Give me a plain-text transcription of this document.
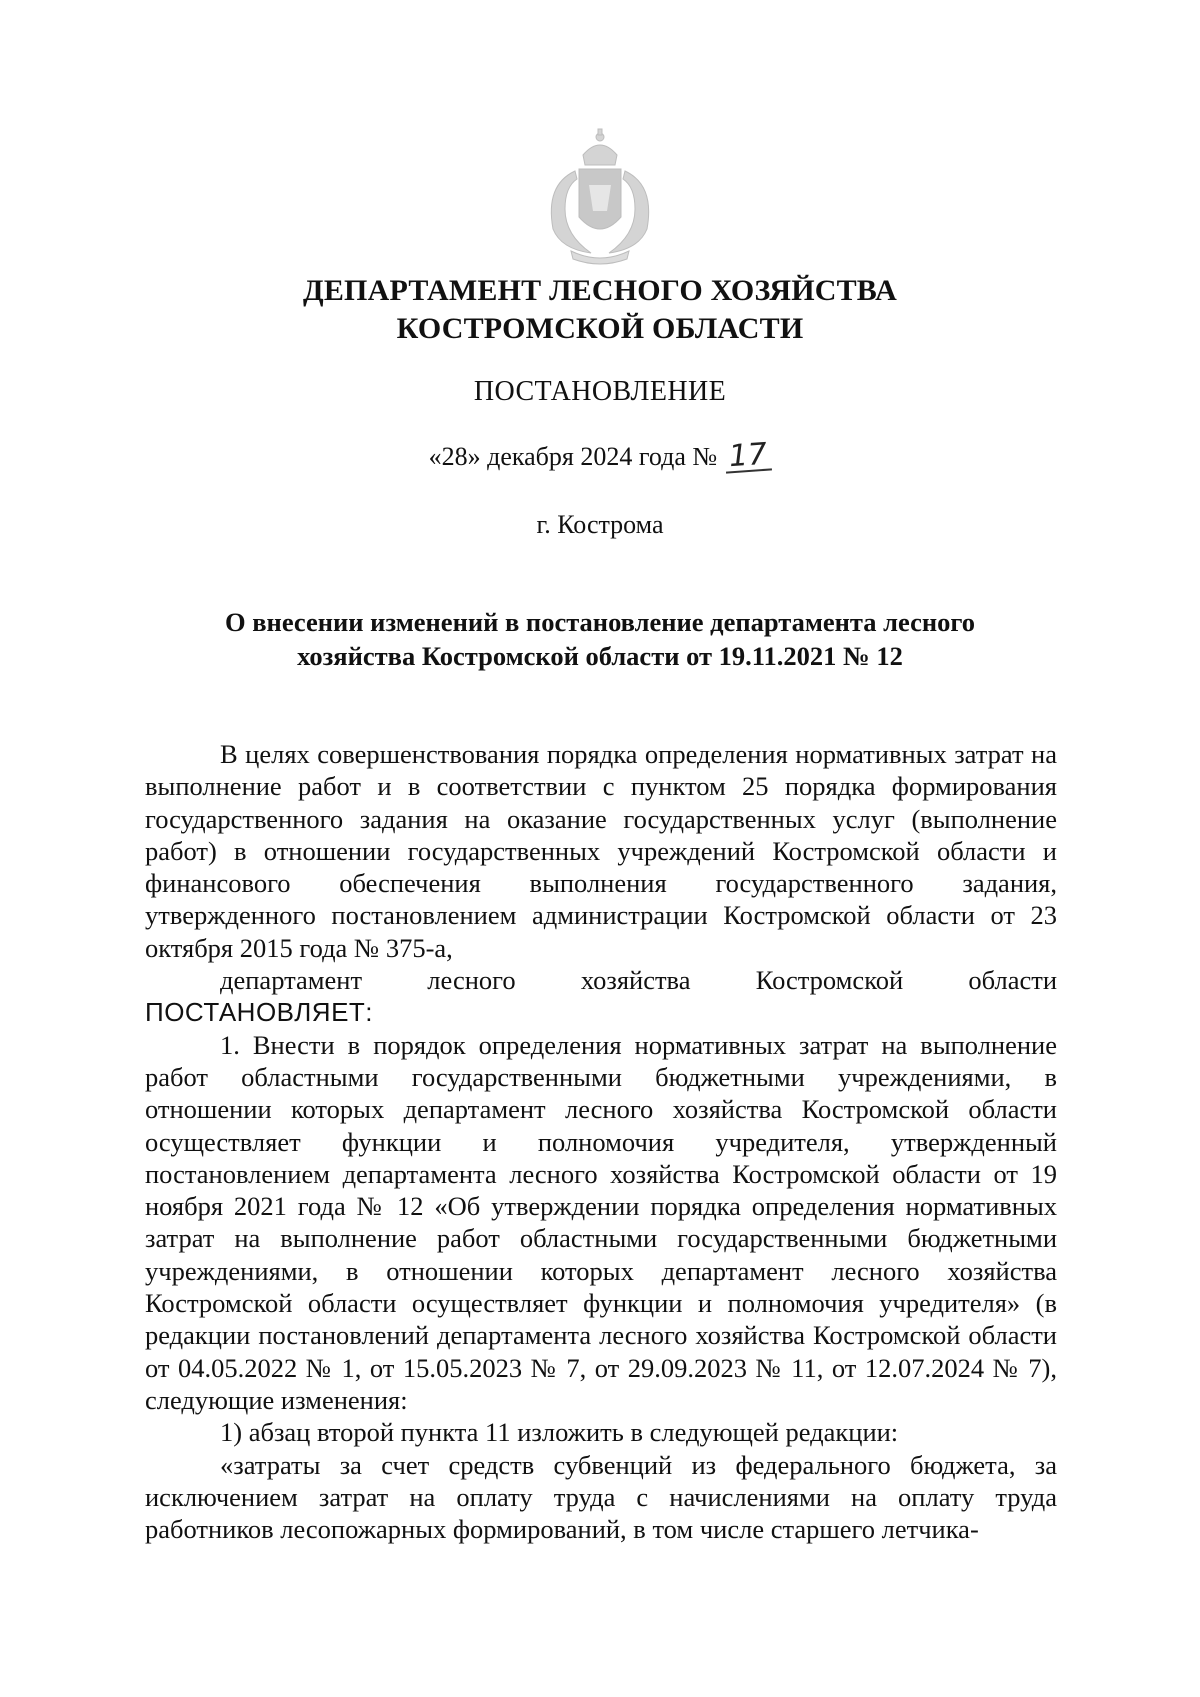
ДЕПАРТАМЕНТ ЛЕСНОГО ХОЗЯЙСТВА
КОСТРОМСКОЙ ОБЛАСТИ
ПОСТАНОВЛЕНИЕ
«28» декабря 2024 года № 17
г. Кострома
О внесении изменений в постановление департамента лесного
хозяйства Костромской области от 19.11.2021 № 12

В целях совершенствования порядка определения нормативных затрат на выполнение работ и в соответствии с пунктом 25 порядка формирования государственного задания на оказание государственных услуг (выполнение работ) в отношении государственных учреждений Костромской области и финансового обеспечения выполнения государственного задания, утвержденного постановлением администрации Костромской области от 23 октября 2015 года № 375-а,

департамент лесного хозяйства Костромской области

ПОСТАНОВЛЯЕТ:

1. Внести в порядок определения нормативных затрат на выполнение работ областными государственными бюджетными учреждениями, в отношении которых департамент лесного хозяйства Костромской области осуществляет функции и полномочия учредителя, утвержденный постановлением департамента лесного хозяйства Костромской области от 19 ноября 2021 года № 12 «Об утверждении порядка определения нормативных затрат на выполнение работ областными государственными бюджетными учреждениями, в отношении которых департамент лесного хозяйства Костромской области осуществляет функции и полномочия учредителя» (в редакции постановлений департамента лесного хозяйства Костромской области от 04.05.2022 № 1, от 15.05.2023 № 7, от 29.09.2023 № 11, от 12.07.2024 № 7), следующие изменения:

1) абзац второй пункта 11 изложить в следующей редакции:

«затраты за счет средств субвенций из федерального бюджета, за исключением затрат на оплату труда с начислениями на оплату труда работников лесопожарных формирований, в том числе старшего летчика-
